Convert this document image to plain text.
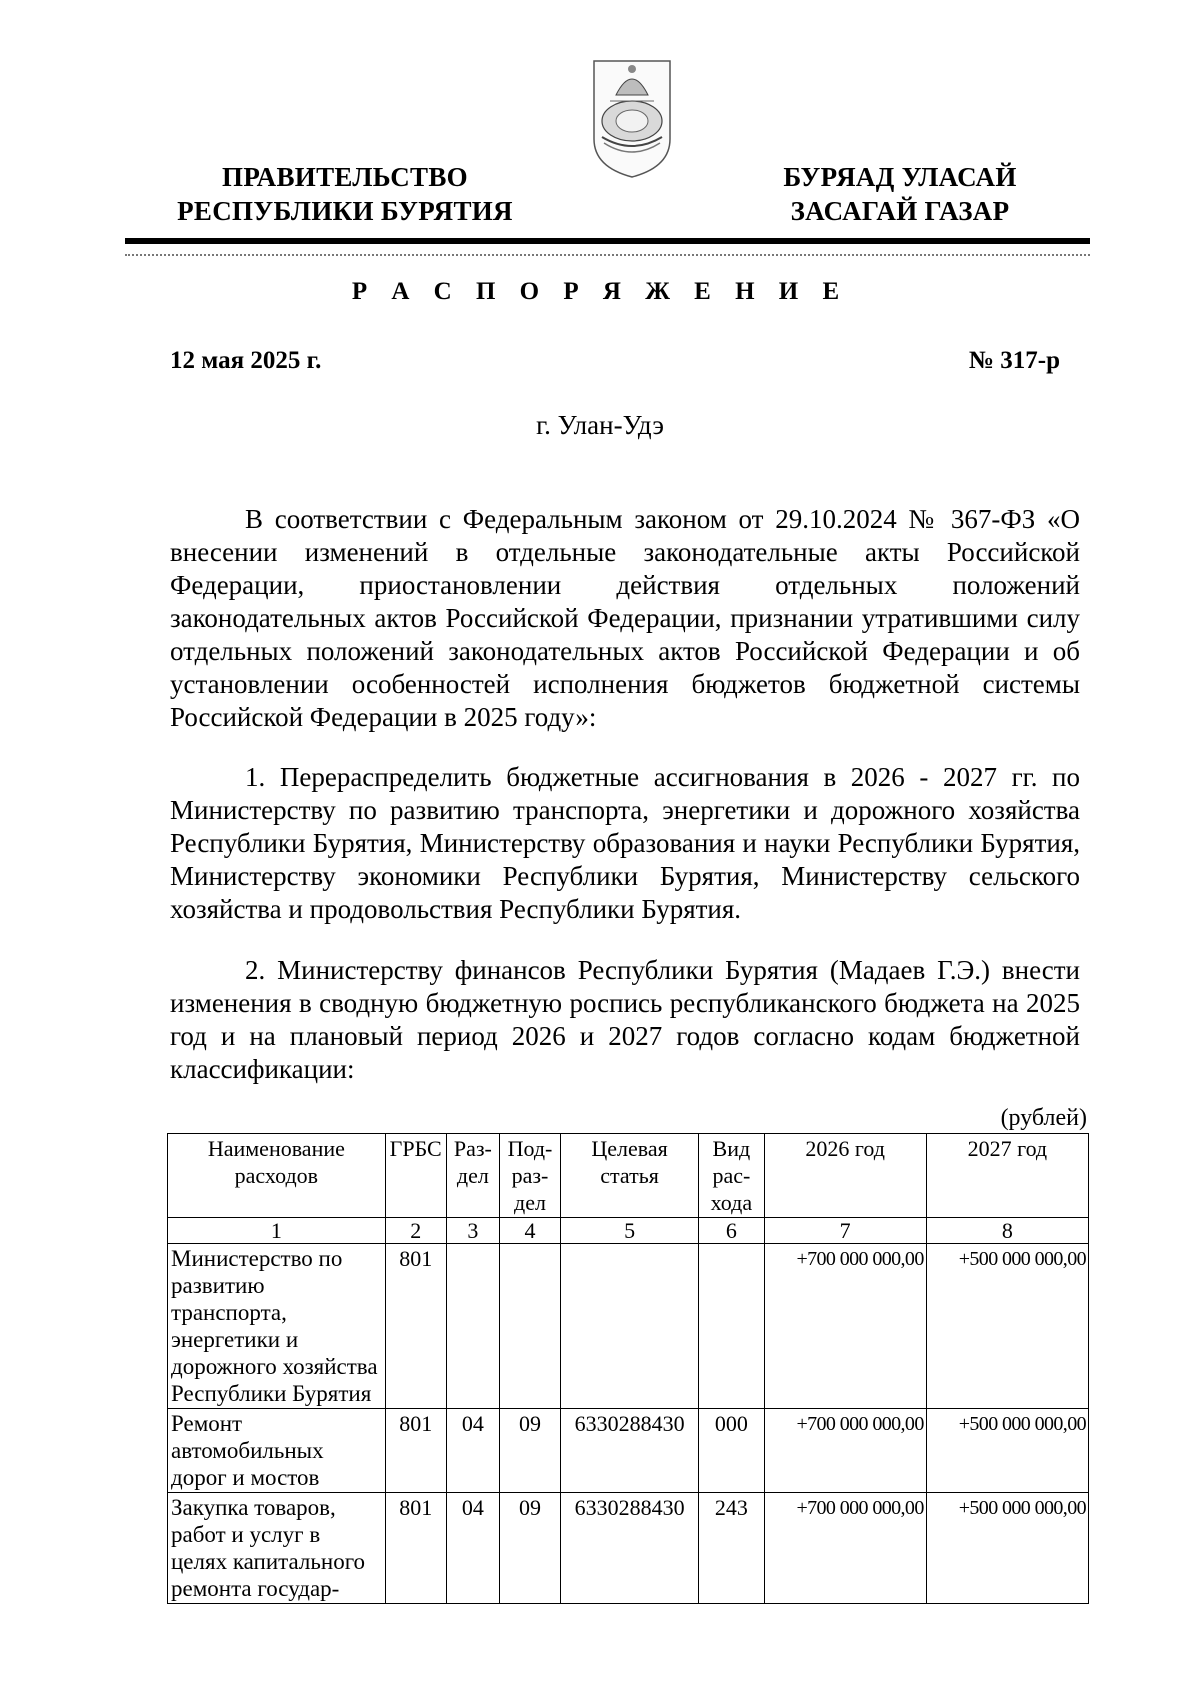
ПРАВИТЕЛЬСТВО
РЕСПУБЛИКИ БУРЯТИЯ
БУРЯАД УЛАСАЙ
ЗАСАГАЙ ГАЗАР
Р А С П О Р Я Ж Е Н И Е
12 мая 2025 г.	№ 317-р
г. Улан-Удэ

В соответствии с Федеральным законом от 29.10.2024 № 367-ФЗ «О внесении изменений в отдельные законодательные акты Российской Федерации, приостановлении действия отдельных положений законодательных актов Российской Федерации, признании утратившими силу отдельных положений законодательных актов Российской Федерации и об установлении особенностей исполнения бюджетов бюджетной системы Российской Федерации в 2025 году»:

1. Перераспределить бюджетные ассигнования в 2026 - 2027 гг. по Министерству по развитию транспорта, энергетики и дорожного хозяйства Республики Бурятия, Министерству образования и науки Республики Бурятия, Министерству экономики Республики Бурятия, Министерству сельского хозяйства и продовольствия Республики Бурятия.

2. Министерству финансов Республики Бурятия (Мадаев Г.Э.) внести изменения в сводную бюджетную роспись республиканского бюджета на 2025 год и на плановый период 2026 и 2027 годов согласно кодам бюджетной классификации:

(рублей)
Наименование расходов	ГРБС	Раз-дел	Под-раз-дел	Целевая статья	Вид рас-хода	2026 год	2027 год
1	2	3	4	5	6	7	8
Министерство по развитию транспорта, энергетики и дорожного хозяйства Республики Бурятия	801					+700 000 000,00	+500 000 000,00
Ремонт автомобильных дорог и мостов	801	04	09	6330288430	000	+700 000 000,00	+500 000 000,00
Закупка товаров, работ и услуг в целях капитального ремонта государ-	801	04	09	6330288430	243	+700 000 000,00	+500 000 000,00
